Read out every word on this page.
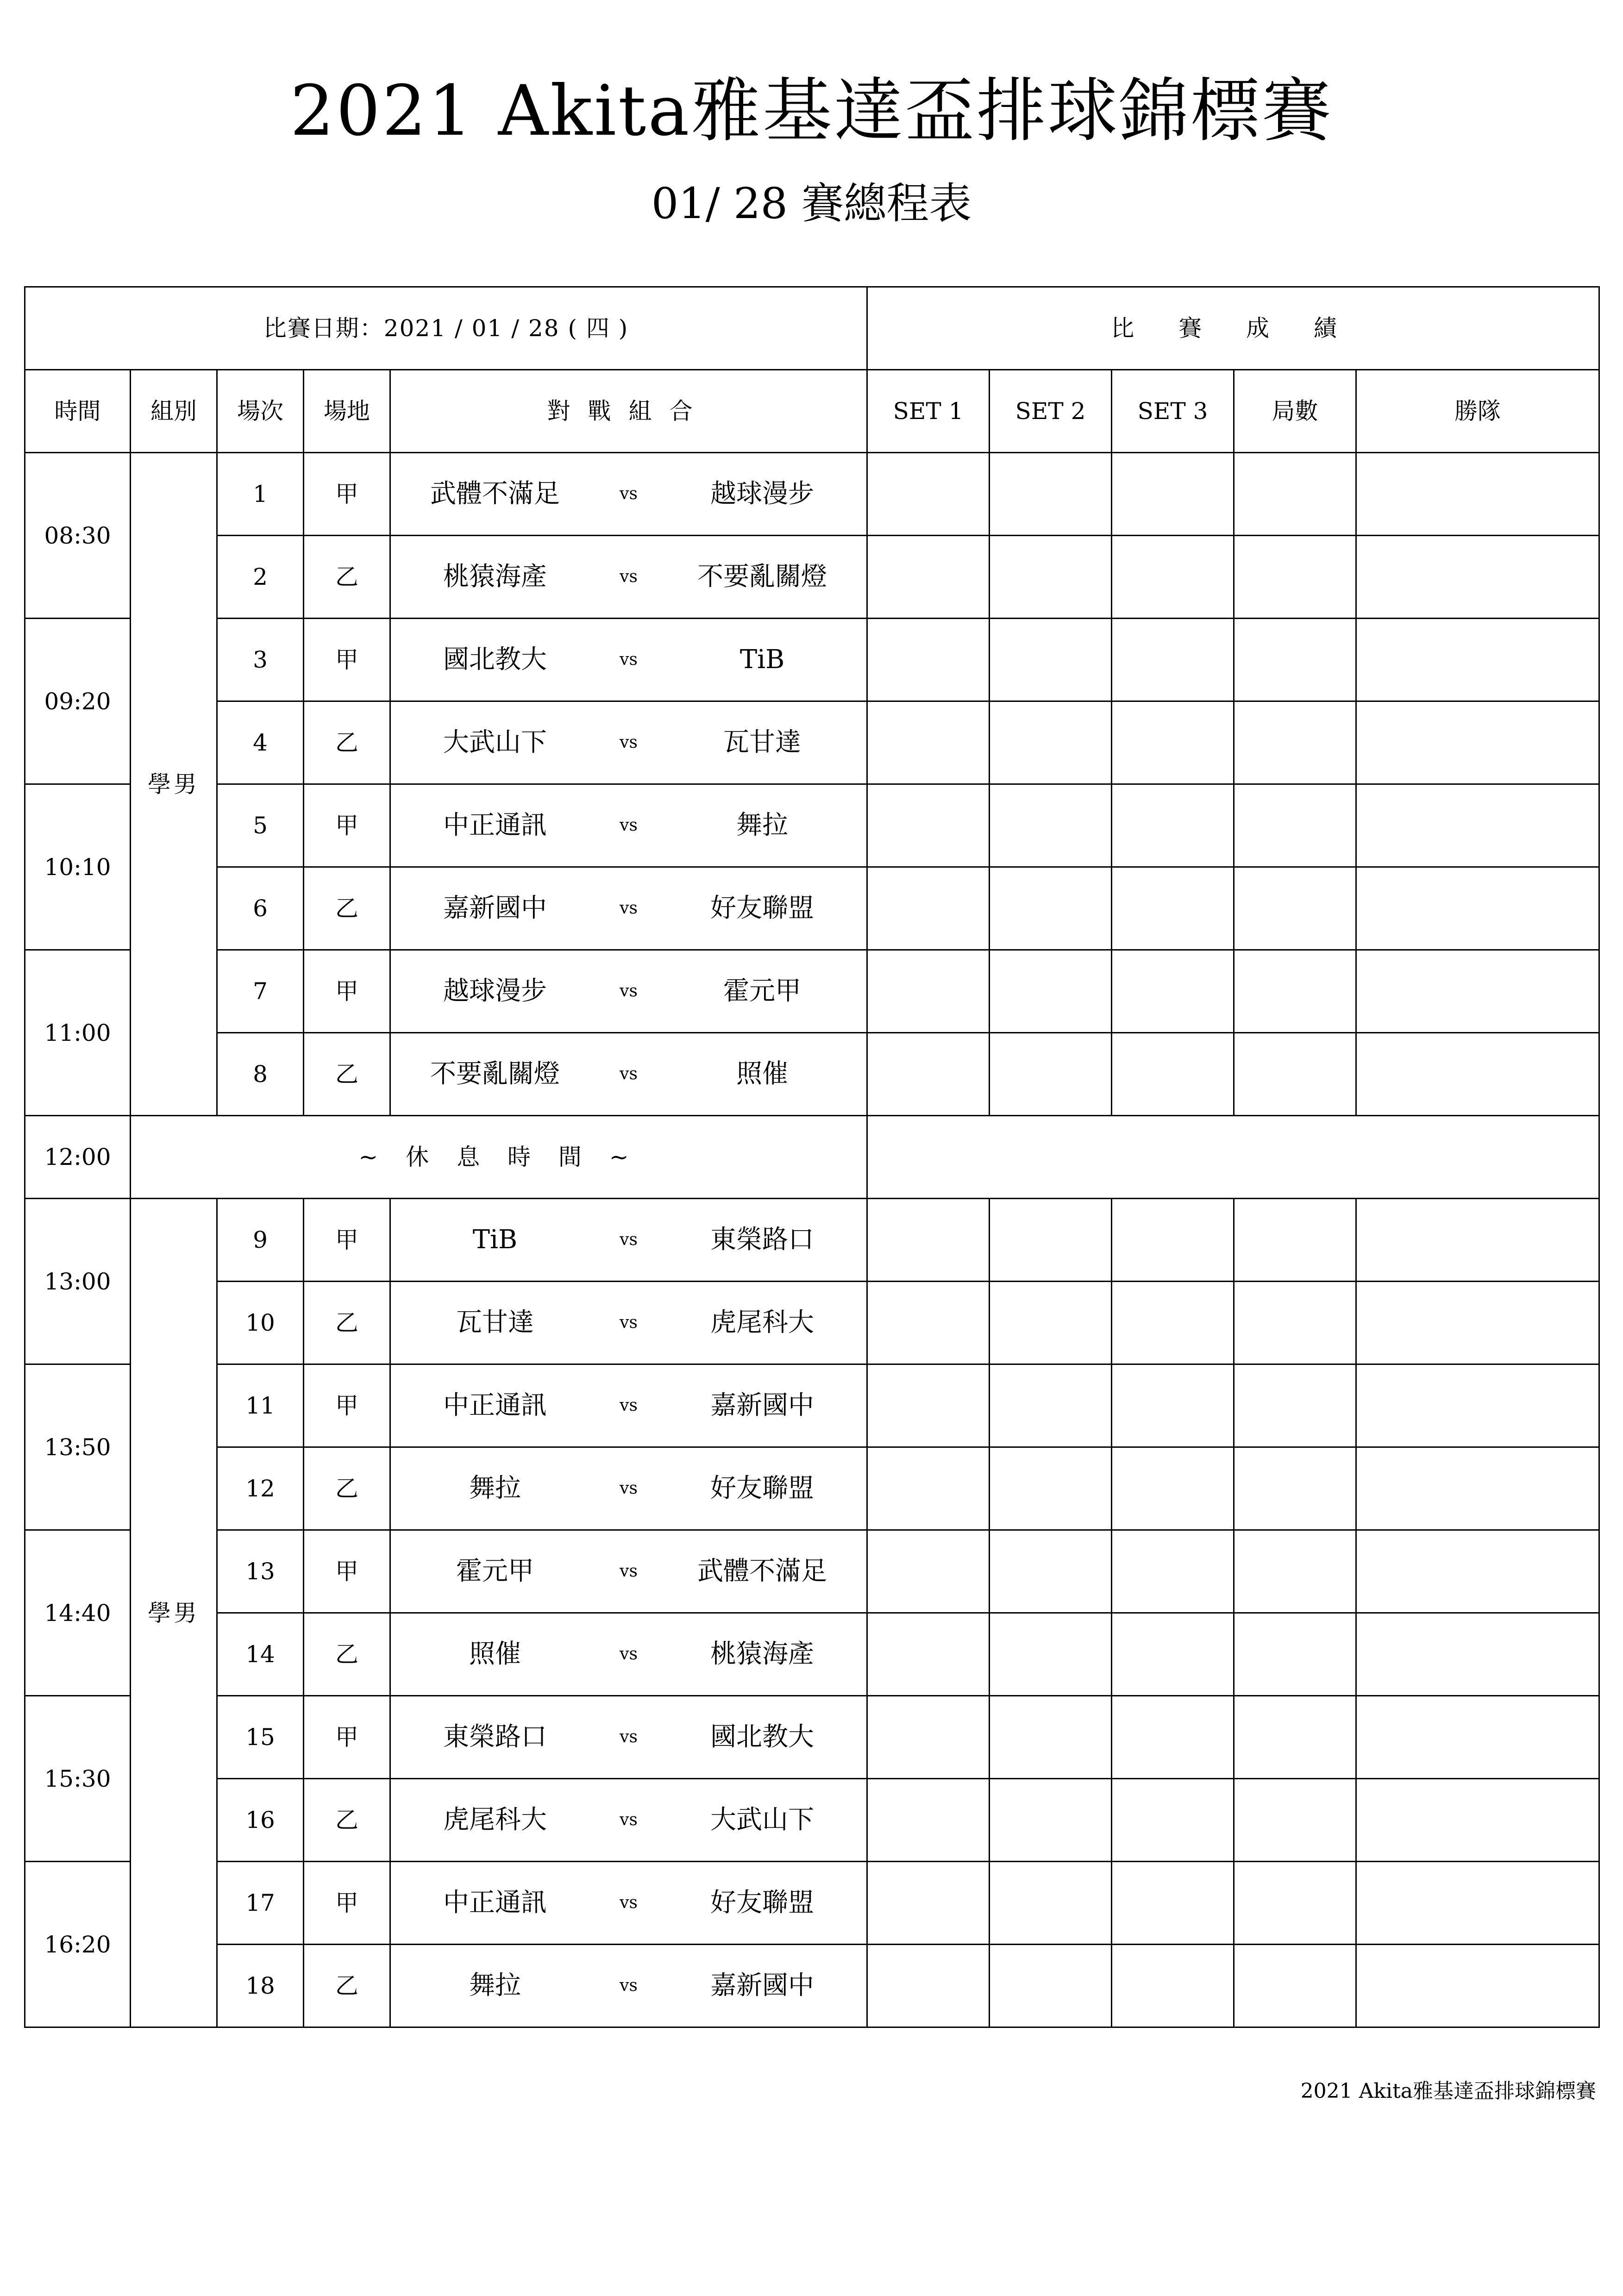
2021 Akita雅基達盃排球錦標賽
01/ 28 賽總程表
比賽日期：2021 / 01 / 28 ( 四 )					比 賽 成 績				
時間	組別	場次	場地	對戰組合	SET 1	SET 2	SET 3	局數	勝隊
08:30	學男	1	甲	武體不滿足 vs 越球漫步					

		2	乙	桃猿海產 vs 不要亂關燈					

09:20		3	甲	國北教大 vs TiB					

		4	乙	大武山下 vs 瓦甘達					

10:10		5	甲	中正通訊 vs 舞拉					

		6	乙	嘉新國中 vs 好友聯盟					

11:00		7	甲	越球漫步 vs 霍元甲					

		8	乙	不要亂關燈 vs 照催					

12:00	~ 休 息 時 間 ~								
13:00	學男	9	甲	TiB vs 東榮路口					

		10	乙	瓦甘達 vs 虎尾科大					

13:50		11	甲	中正通訊 vs 嘉新國中					

		12	乙	舞拉 vs 好友聯盟					

14:40		13	甲	霍元甲 vs 武體不滿足					

		14	乙	照催 vs 桃猿海產					

15:30		15	甲	東榮路口 vs 國北教大					

		16	乙	虎尾科大 vs 大武山下					

16:20		17	甲	中正通訊 vs 好友聯盟					

		18	乙	舞拉 vs 嘉新國中					

2021 Akita雅基達盃排球錦標賽
